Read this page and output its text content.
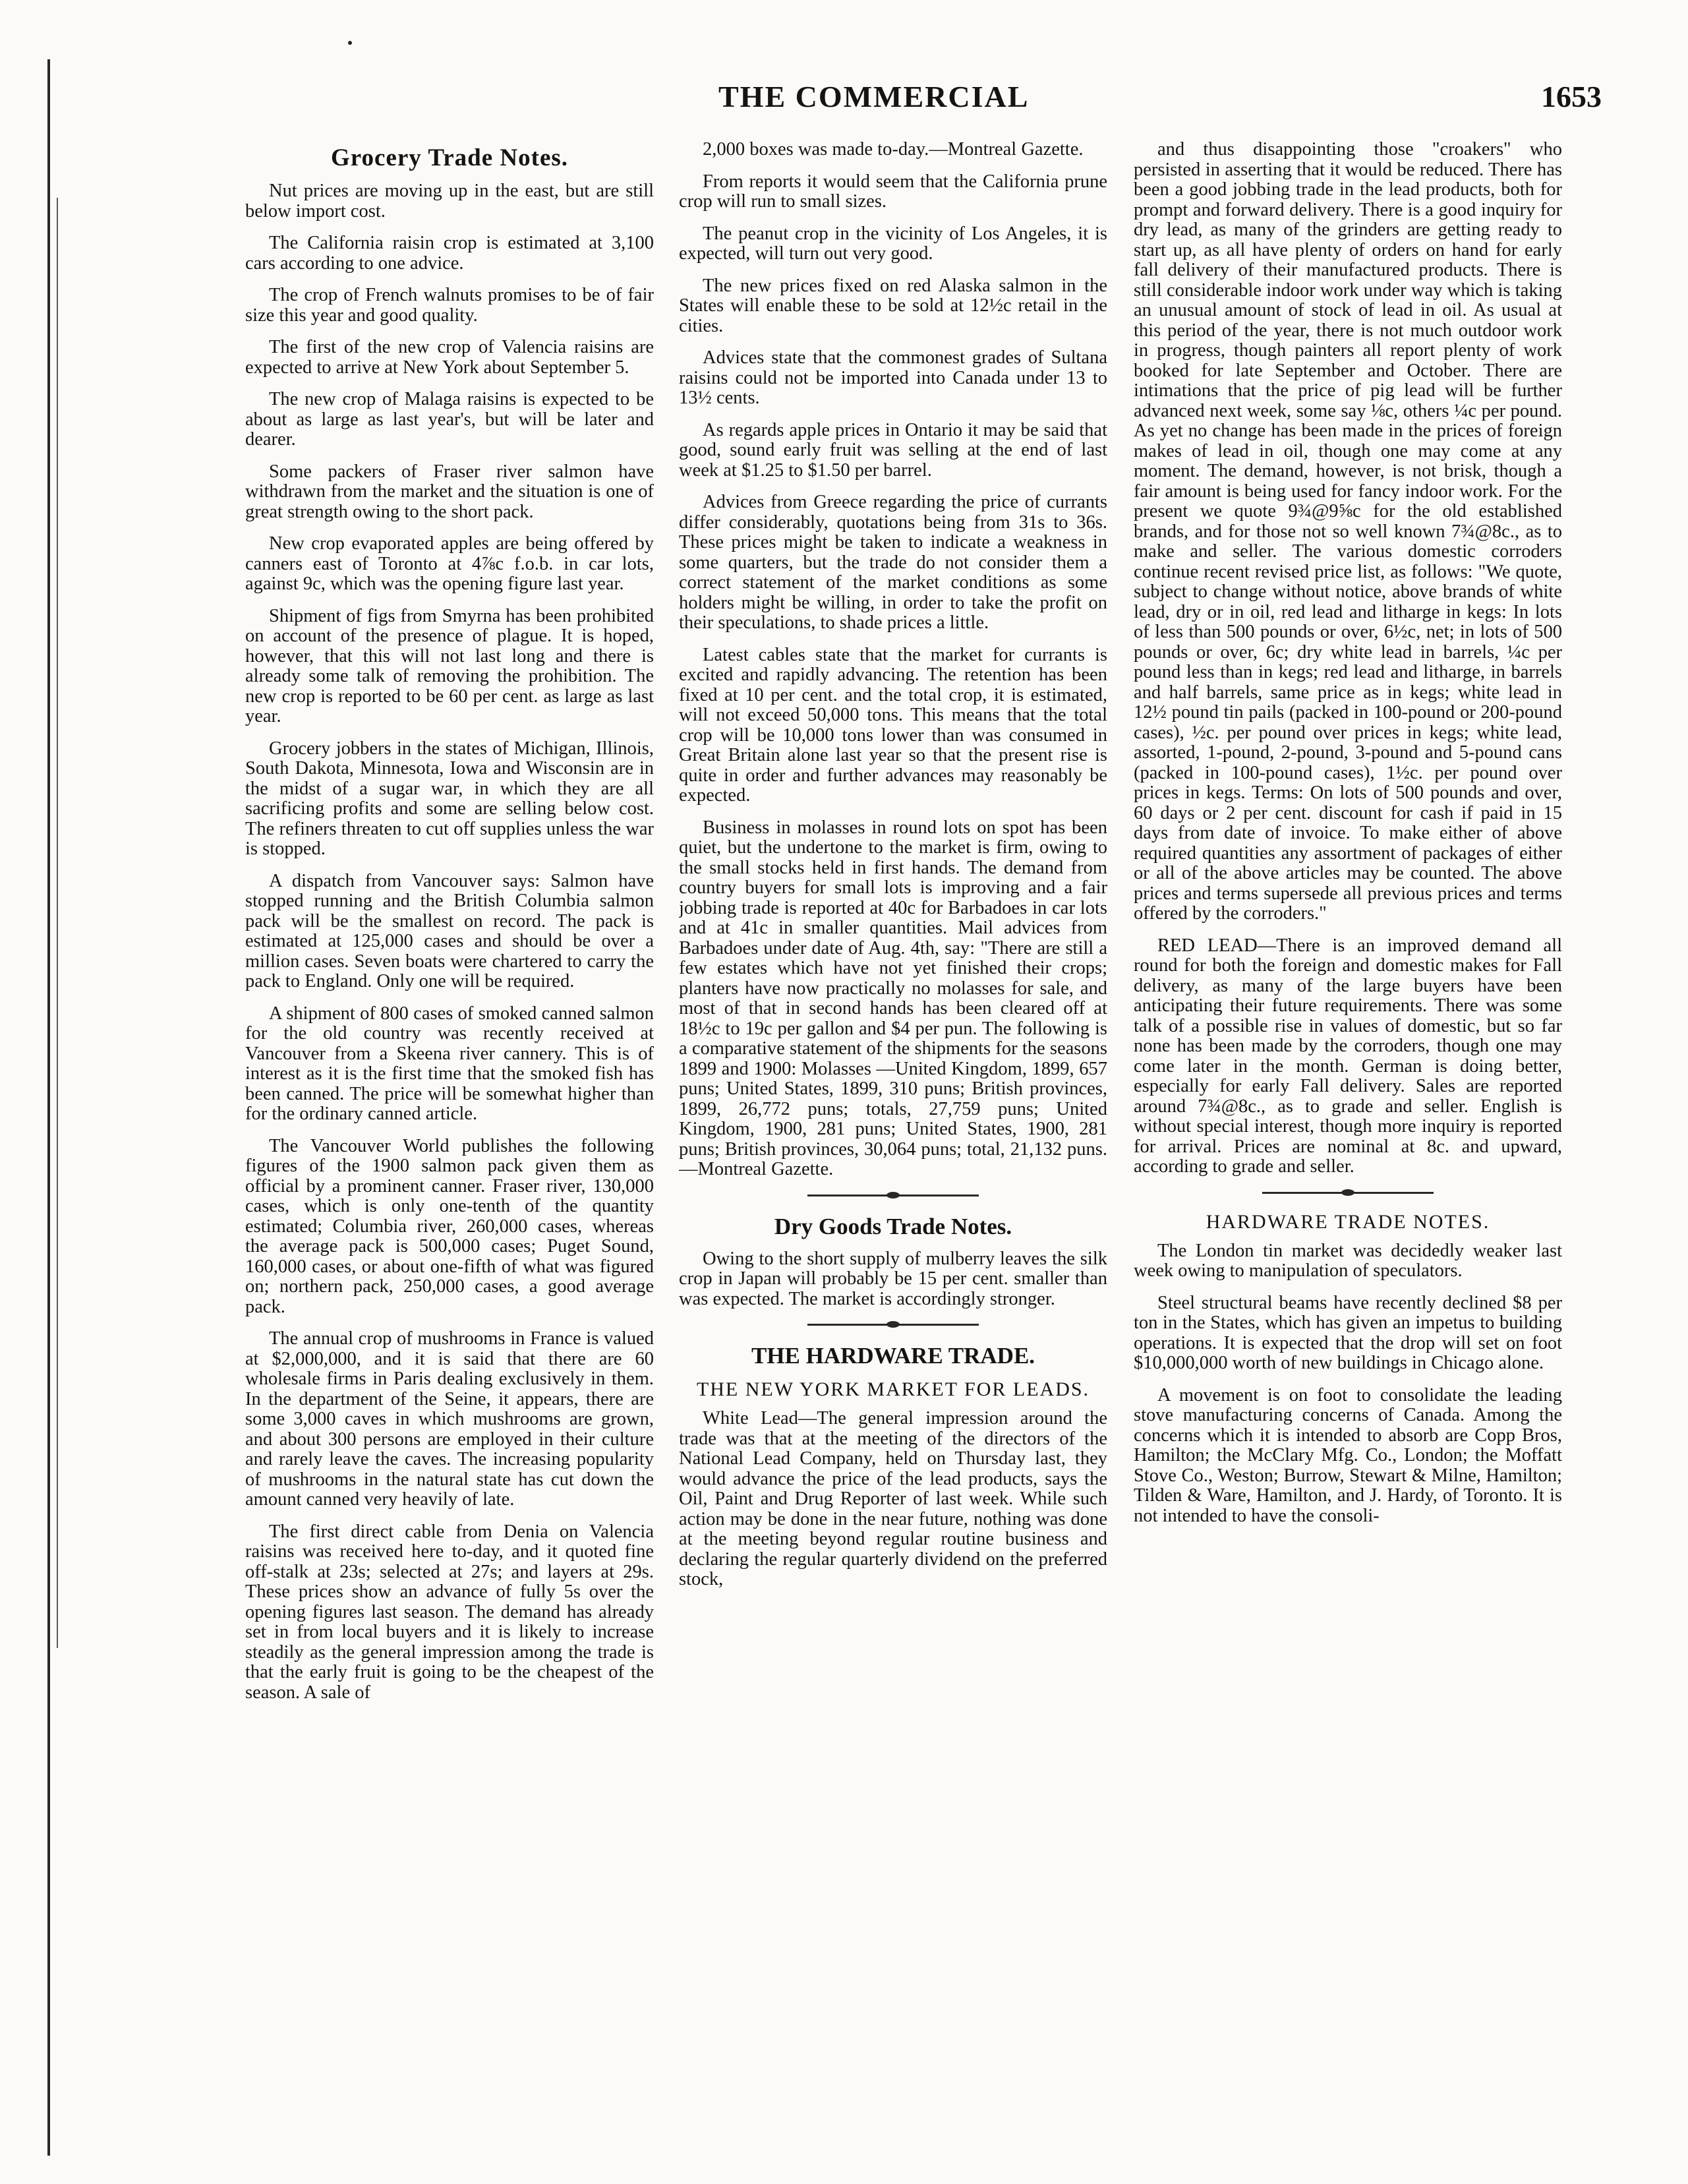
THE COMMERCIAL	1653
Grocery Trade Notes.

Nut prices are moving up in the east, but are still below import cost.

The California raisin crop is estimated at 3,100 cars according to one advice.

The crop of French walnuts promises to be of fair size this year and good quality.

The first of the new crop of Valencia raisins are expected to arrive at New York about September 5.

The new crop of Malaga raisins is expected to be about as large as last year's, but will be later and dearer.

Some packers of Fraser river salmon have withdrawn from the market and the situation is one of great strength owing to the short pack.

New crop evaporated apples are being offered by canners east of Toronto at 4⅞c f.o.b. in car lots, against 9c, which was the opening figure last year.

Shipment of figs from Smyrna has been prohibited on account of the presence of plague. It is hoped, however, that this will not last long and there is already some talk of removing the prohibition. The new crop is reported to be 60 per cent. as large as last year.

Grocery jobbers in the states of Michigan, Illinois, South Dakota, Minnesota, Iowa and Wisconsin are in the midst of a sugar war, in which they are all sacrificing profits and some are selling below cost. The refiners threaten to cut off supplies unless the war is stopped.

A dispatch from Vancouver says: Salmon have stopped running and the British Columbia salmon pack will be the smallest on record. The pack is estimated at 125,000 cases and should be over a million cases. Seven boats were chartered to carry the pack to England. Only one will be required.

A shipment of 800 cases of smoked canned salmon for the old country was recently received at Vancouver from a Skeena river cannery. This is of interest as it is the first time that the smoked fish has been canned. The price will be somewhat higher than for the ordinary canned article.

The Vancouver World publishes the following figures of the 1900 salmon pack given them as official by a prominent canner. Fraser river, 130,000 cases, which is only one-tenth of the quantity estimated; Columbia river, 260,000 cases, whereas the average pack is 500,000 cases; Puget Sound, 160,000 cases, or about one-fifth of what was figured on; northern pack, 250,000 cases, a good average pack.

The annual crop of mushrooms in France is valued at $2,000,000, and it is said that there are 60 wholesale firms in Paris dealing exclusively in them. In the department of the Seine, it appears, there are some 3,000 caves in which mushrooms are grown, and about 300 persons are employed in their culture and rarely leave the caves. The increasing popularity of mushrooms in the natural state has cut down the amount canned very heavily of late.

The first direct cable from Denia on Valencia raisins was received here to-day, and it quoted fine off-stalk at 23s; selected at 27s; and layers at 29s. These prices show an advance of fully 5s over the opening figures last season. The demand has already set in from local buyers and it is likely to increase steadily as the general impression among the trade is that the early fruit is going to be the cheapest of the season. A sale of

2,000 boxes was made to-day.—Montreal Gazette.

From reports it would seem that the California prune crop will run to small sizes.

The peanut crop in the vicinity of Los Angeles, it is expected, will turn out very good.

The new prices fixed on red Alaska salmon in the States will enable these to be sold at 12½c retail in the cities.

Advices state that the commonest grades of Sultana raisins could not be imported into Canada under 13 to 13½ cents.

As regards apple prices in Ontario it may be said that good, sound early fruit was selling at the end of last week at $1.25 to $1.50 per barrel.

Advices from Greece regarding the price of currants differ considerably, quotations being from 31s to 36s. These prices might be taken to indicate a weakness in some quarters, but the trade do not consider them a correct statement of the market conditions as some holders might be willing, in order to take the profit on their speculations, to shade prices a little.

Latest cables state that the market for currants is excited and rapidly advancing. The retention has been fixed at 10 per cent. and the total crop, it is estimated, will not exceed 50,000 tons. This means that the total crop will be 10,000 tons lower than was consumed in Great Britain alone last year so that the present rise is quite in order and further advances may reasonably be expected.

Business in molasses in round lots on spot has been quiet, but the undertone to the market is firm, owing to the small stocks held in first hands. The demand from country buyers for small lots is improving and a fair jobbing trade is reported at 40c for Barbadoes in car lots and at 41c in smaller quantities. Mail advices from Barbadoes under date of Aug. 4th, say: "There are still a few estates which have not yet finished their crops; planters have now practically no molasses for sale, and most of that in second hands has been cleared off at 18½c to 19c per gallon and $4 per pun. The following is a comparative statement of the shipments for the seasons 1899 and 1900: Molasses —United Kingdom, 1899, 657 puns; United States, 1899, 310 puns; British provinces, 1899, 26,772 puns; totals, 27,759 puns; United Kingdom, 1900, 281 puns; United States, 1900, 281 puns; British provinces, 30,064 puns; total, 21,132 puns.—Montreal Gazette.

Dry Goods Trade Notes.

Owing to the short supply of mulberry leaves the silk crop in Japan will probably be 15 per cent. smaller than was expected. The market is accordingly stronger.

THE HARDWARE TRADE.
THE NEW YORK MARKET FOR LEADS.

White Lead—The general impression around the trade was that at the meeting of the directors of the National Lead Company, held on Thursday last, they would advance the price of the lead products, says the Oil, Paint and Drug Reporter of last week. While such action may be done in the near future, nothing was done at the meeting beyond regular routine business and declaring the regular quarterly dividend on the preferred stock,

and thus disappointing those "croakers" who persisted in asserting that it would be reduced. There has been a good jobbing trade in the lead products, both for prompt and forward delivery. There is a good inquiry for dry lead, as many of the grinders are getting ready to start up, as all have plenty of orders on hand for early fall delivery of their manufactured products. There is still considerable indoor work under way which is taking an unusual amount of stock of lead in oil. As usual at this period of the year, there is not much outdoor work in progress, though painters all report plenty of work booked for late September and October. There are intimations that the price of pig lead will be further advanced next week, some say ⅛c, others ¼c per pound. As yet no change has been made in the prices of foreign makes of lead in oil, though one may come at any moment. The demand, however, is not brisk, though a fair amount is being used for fancy indoor work. For the present we quote 9¾@9⅝c for the old established brands, and for those not so well known 7¾@8c., as to make and seller. The various domestic corroders continue recent revised price list, as follows: "We quote, subject to change without notice, above brands of white lead, dry or in oil, red lead and litharge in kegs: In lots of less than 500 pounds or over, 6½c, net; in lots of 500 pounds or over, 6c; dry white lead in barrels, ¼c per pound less than in kegs; red lead and litharge, in barrels and half barrels, same price as in kegs; white lead in 12½ pound tin pails (packed in 100-pound or 200-pound cases), ½c. per pound over prices in kegs; white lead, assorted, 1-pound, 2-pound, 3-pound and 5-pound cans (packed in 100-pound cases), 1½c. per pound over prices in kegs. Terms: On lots of 500 pounds and over, 60 days or 2 per cent. discount for cash if paid in 15 days from date of invoice. To make either of above required quantities any assortment of packages of either or all of the above articles may be counted. The above prices and terms supersede all previous prices and terms offered by the corroders."

RED LEAD—There is an improved demand all round for both the foreign and domestic makes for Fall delivery, as many of the large buyers have been anticipating their future requirements. There was some talk of a possible rise in values of domestic, but so far none has been made by the corroders, though one may come later in the month. German is doing better, especially for early Fall delivery. Sales are reported around 7¾@8c., as to grade and seller. English is without special interest, though more inquiry is reported for arrival. Prices are nominal at 8c. and upward, according to grade and seller.

HARDWARE TRADE NOTES.

The London tin market was decidedly weaker last week owing to manipulation of speculators.

Steel structural beams have recently declined $8 per ton in the States, which has given an impetus to building operations. It is expected that the drop will set on foot $10,000,000 worth of new buildings in Chicago alone.

A movement is on foot to consolidate the leading stove manufacturing concerns of Canada. Among the concerns which it is intended to absorb are Copp Bros, Hamilton; the McClary Mfg. Co., London; the Moffatt Stove Co., Weston; Burrow, Stewart & Milne, Hamilton; Tilden & Ware, Hamilton, and J. Hardy, of Toronto. It is not intended to have the consoli-
